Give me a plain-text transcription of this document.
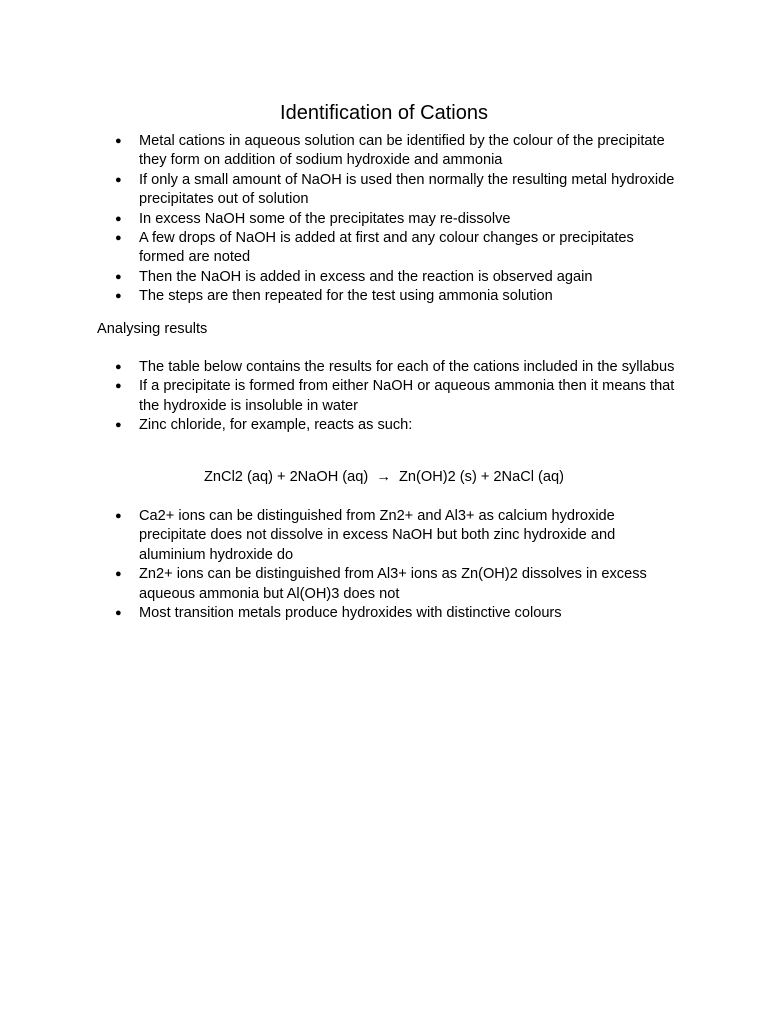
Identification of Cations
● Metal cations in aqueous solution can be identified by the colour of the precipitate they form on addition of sodium hydroxide and ammonia
● If only a small amount of NaOH is used then normally the resulting metal hydroxide precipitates out of solution
● In excess NaOH some of the precipitates may re-dissolve
● A few drops of NaOH is added at first and any colour changes or precipitates formed are noted
● Then the NaOH is added in excess and the reaction is observed again
● The steps are then repeated for the test using ammonia solution
Analysing results
● The table below contains the results for each of the cations included in the syllabus
● If a precipitate is formed from either NaOH or aqueous ammonia then it means that the hydroxide is insoluble in water
● Zinc chloride, for example, reacts as such:
ZnCl2 (aq) + 2NaOH (aq) → Zn(OH)2 (s) + 2NaCl (aq)
● Ca2+ ions can be distinguished from Zn2+ and Al3+ as calcium hydroxide precipitate does not dissolve in excess NaOH but both zinc hydroxide and aluminium hydroxide do
● Zn2+ ions can be distinguished from Al3+ ions as Zn(OH)2 dissolves in excess aqueous ammonia but Al(OH)3 does not
● Most transition metals produce hydroxides with distinctive colours
